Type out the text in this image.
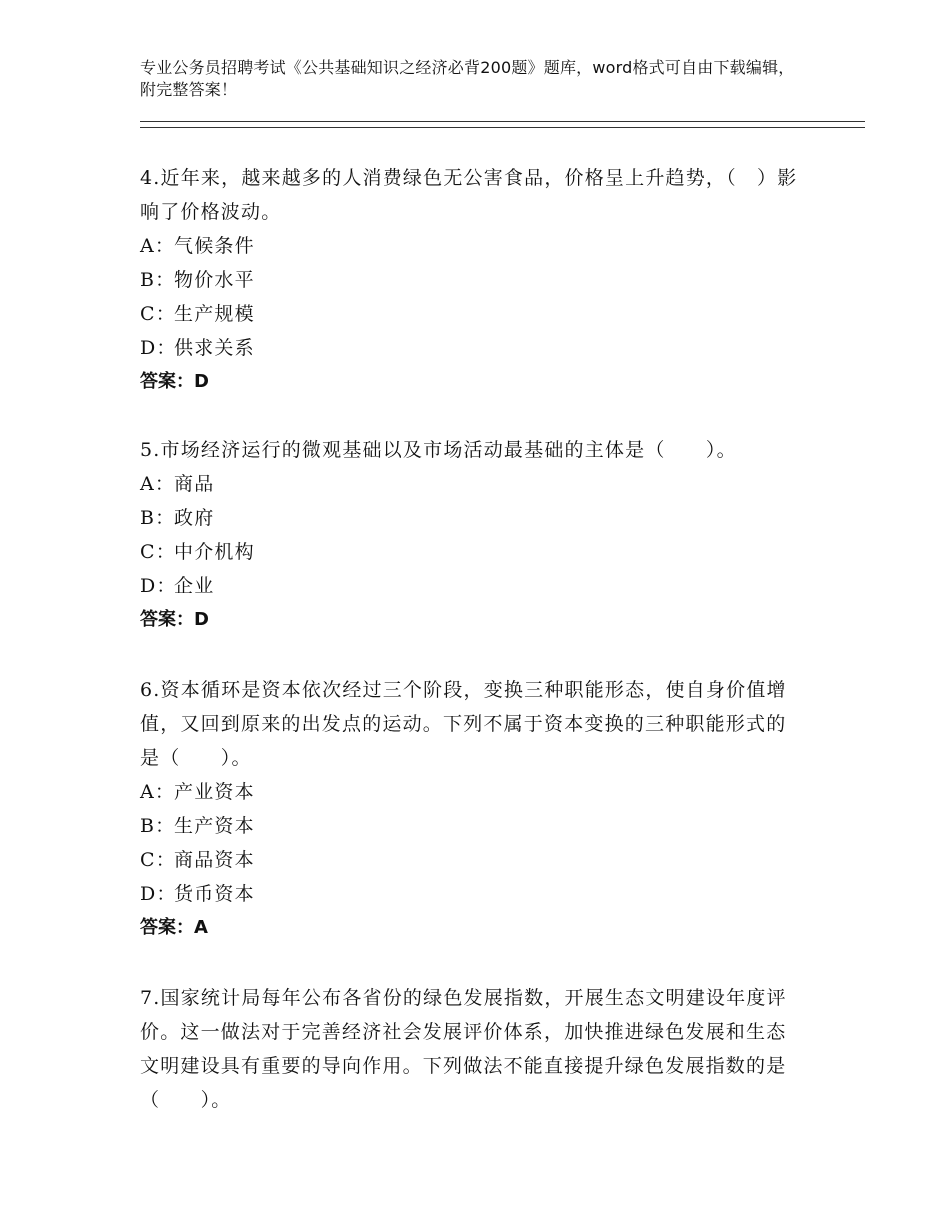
专业公务员招聘考试《公共基础知识之经济必背200题》题库，word格式可自由下载编辑，附完整答案！

4.近年来，越来越多的人消费绿色无公害食品，价格呈上升趋势，（　）影响了价格波动。

A：气候条件

B：物价水平

C：生产规模

D：供求关系

答案：D

5.市场经济运行的微观基础以及市场活动最基础的主体是（　　）。

A：商品

B：政府

C：中介机构

D：企业

答案：D

6.资本循环是资本依次经过三个阶段，变换三种职能形态，使自身价值增值，又回到原来的出发点的运动。下列不属于资本变换的三种职能形式的是（　　）。

A：产业资本

B：生产资本

C：商品资本

D：货币资本

答案：A

7.国家统计局每年公布各省份的绿色发展指数，开展生态文明建设年度评价。这一做法对于完善经济社会发展评价体系，加快推进绿色发展和生态文明建设具有重要的导向作用。下列做法不能直接提升绿色发展指数的是（　　）。
